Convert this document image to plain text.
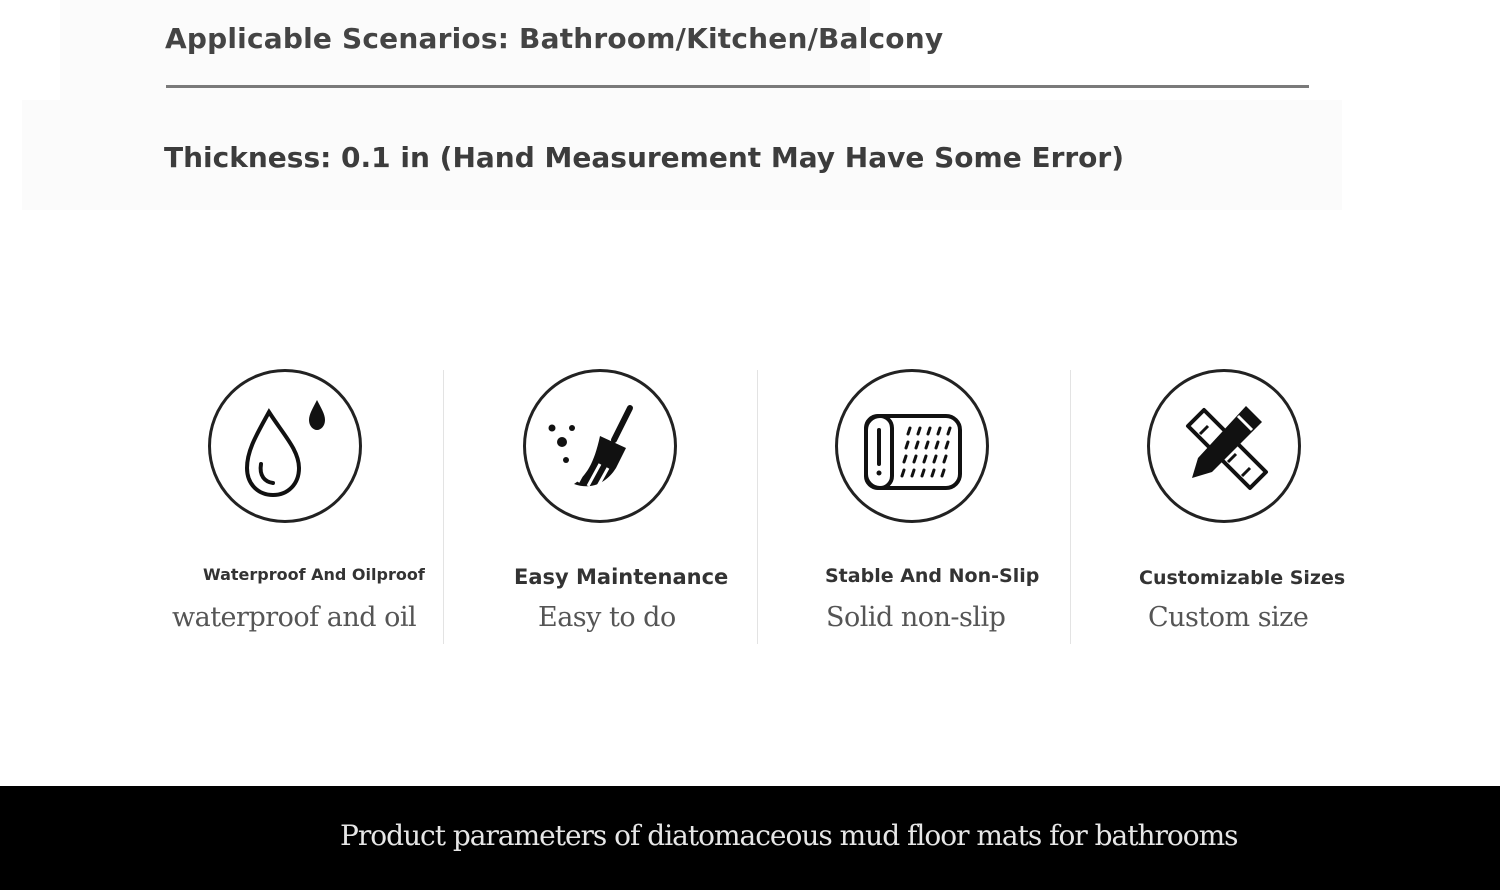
Applicable Scenarios: Bathroom/Kitchen/Balcony
Thickness: 0.1 in (Hand Measurement May Have Some Error)
Waterproof And Oilproof
waterproof and oil
Easy Maintenance
Easy to do
Stable And Non-Slip
Solid non-slip
Customizable Sizes
Custom size
Product parameters of diatomaceous mud floor mats for bathrooms
